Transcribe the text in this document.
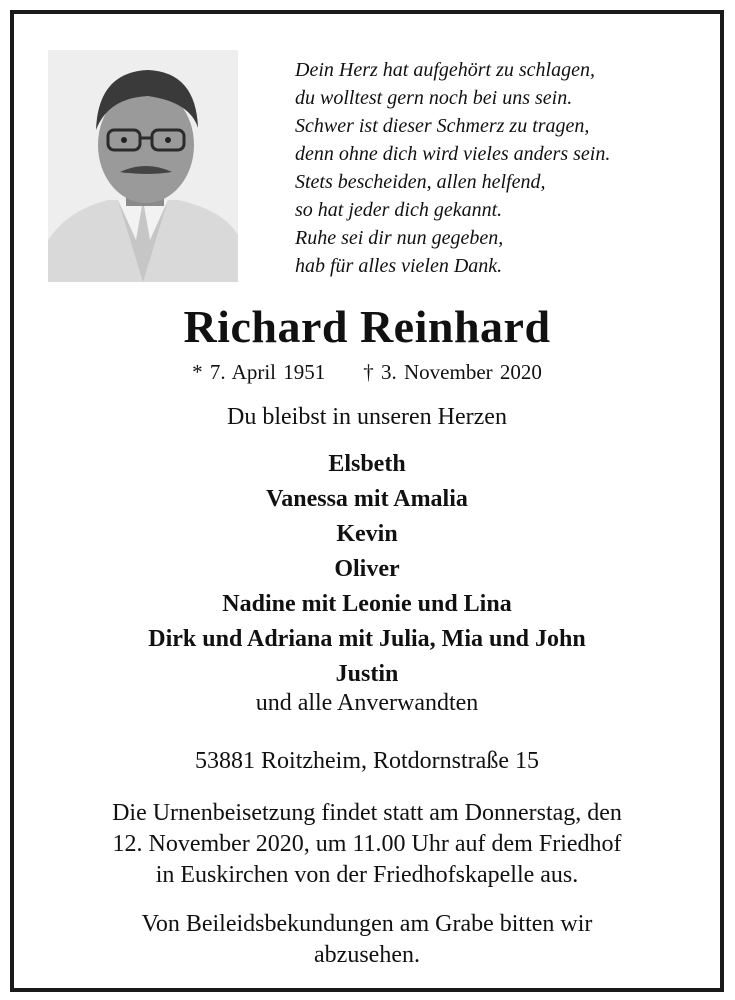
Dein Herz hat aufgehört zu schlagen,
du wolltest gern noch bei uns sein.
Schwer ist dieser Schmerz zu tragen,
denn ohne dich wird vieles anders sein.
Stets bescheiden, allen helfend,
so hat jeder dich gekannt.
Ruhe sei dir nun gegeben,
hab für alles vielen Dank.
Richard Reinhard
* 7. April 1951 † 3. November 2020
Du bleibst in unseren Herzen
Elsbeth
Vanessa mit Amalia
Kevin
Oliver
Nadine mit Leonie und Lina
Dirk und Adriana mit Julia, Mia und John
Justin
und alle Anverwandten
53881 Roitzheim, Rotdornstraße 15
Die Urnenbeisetzung findet statt am Donnerstag, den
12. November 2020, um 11.00 Uhr auf dem Friedhof
in Euskirchen von der Friedhofskapelle aus.
Von Beileidsbekundungen am Grabe bitten wir
abzusehen.
